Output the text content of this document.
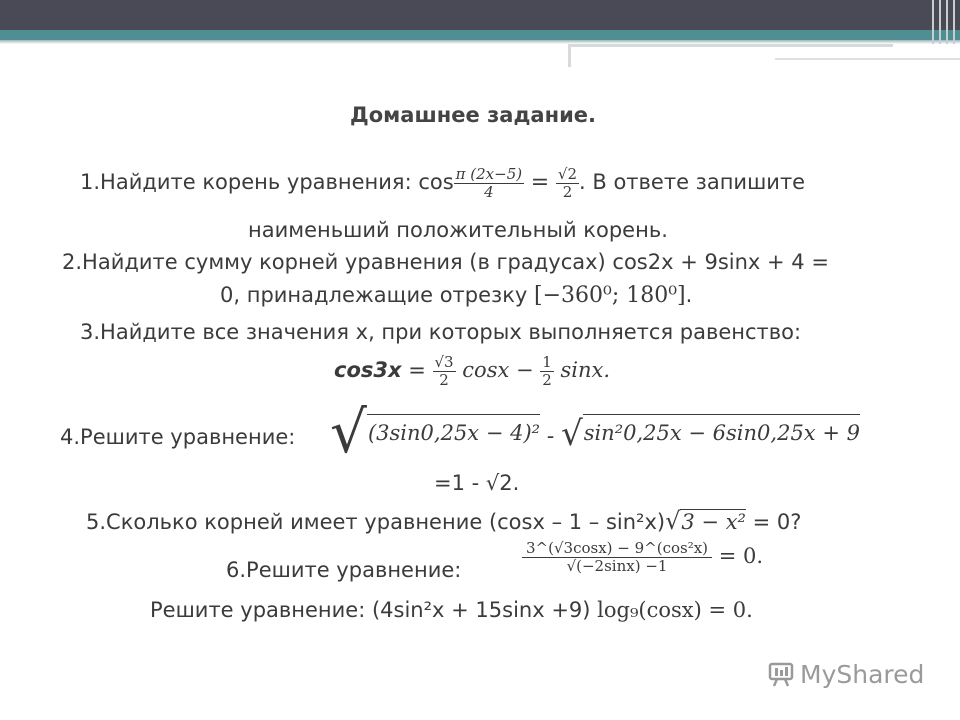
Домашнее задание.
1.Найдите корень уравнения: $\cos \frac{\pi (2x-5)}{4} = \frac{√2}{2}$ . В ответе запишите
наименьший положительный корень.
2.Найдите сумму корней уравнения (в градусах) cos2x + 9sinx + 4 =
0, принадлежащие отрезку [−360⁰; 180⁰].
3.Найдите все значения x, при которых выполняется равенство:
$\cos 3x = \frac{√3}{2}$ $\cos x - \frac{1}{2} \sin x$.
4.Решите уравнение: √(3sin0,25x − 4)² - √sin²0,25x − 6sin0,25x + 9
=1 - √2.
5.Сколько корней имеет уравнение (cosx – 1 – sin²x)√3 − x² = 0?
6.Решите уравнение:	$\frac{\text{3\textasciicircum{}(√3cosx) − 9\textasciicircum{}(cos²x)}}{√(-2\sin x) -1} = 0$.
Решите уравнение: (4sin²x + 15sinx +9) log₉(cosx) = 0.
MyShared
